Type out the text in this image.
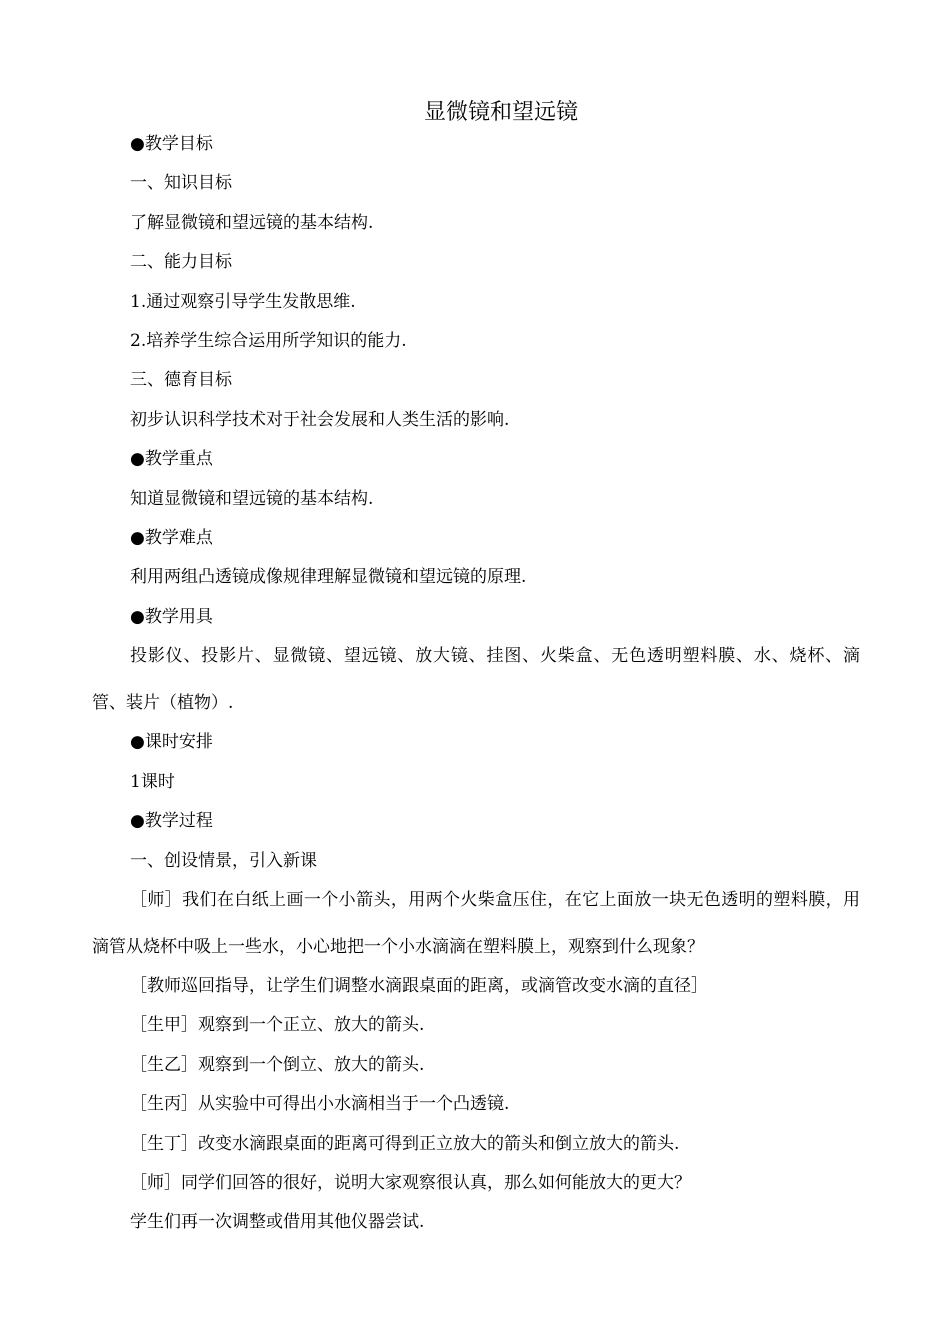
显微镜和望远镜
●教学目标
一、知识目标
了解显微镜和望远镜的基本结构.
二、能力目标
1.通过观察引导学生发散思维.
2.培养学生综合运用所学知识的能力.
三、德育目标
初步认识科学技术对于社会发展和人类生活的影响.
●教学重点
知道显微镜和望远镜的基本结构.
●教学难点
利用两组凸透镜成像规律理解显微镜和望远镜的原理.
●教学用具
投影仪、投影片、显微镜、望远镜、放大镜、挂图、火柴盒、无色透明塑料膜、水、烧杯、滴管、装片（植物）.
●课时安排
1课时
●教学过程
一、创设情景，引入新课
［师］我们在白纸上画一个小箭头，用两个火柴盒压住，在它上面放一块无色透明的塑料膜，用滴管从烧杯中吸上一些水，小心地把一个小水滴滴在塑料膜上，观察到什么现象？
［教师巡回指导，让学生们调整水滴跟桌面的距离，或滴管改变水滴的直径］
［生甲］观察到一个正立、放大的箭头.
［生乙］观察到一个倒立、放大的箭头.
［生丙］从实验中可得出小水滴相当于一个凸透镜.
［生丁］改变水滴跟桌面的距离可得到正立放大的箭头和倒立放大的箭头.
［师］同学们回答的很好，说明大家观察很认真，那么如何能放大的更大？
学生们再一次调整或借用其他仪器尝试.
